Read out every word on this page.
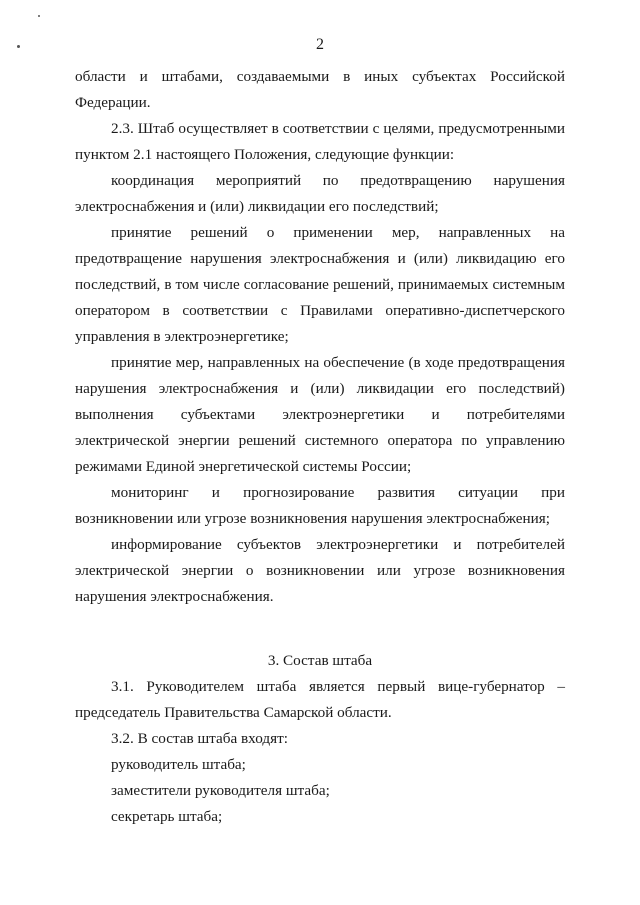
2

области и штабами, создаваемыми в иных субъектах Российской Федерации.

2.3. Штаб осуществляет в соответствии с целями, предусмотренными пунктом 2.1 настоящего Положения, следующие функции:

координация мероприятий по предотвращению нарушения электроснабжения и (или) ликвидации его последствий;

принятие решений о применении мер, направленных на предотвращение нарушения электроснабжения и (или) ликвидацию его последствий, в том числе согласование решений, принимаемых системным оператором в соответствии с Правилами оперативно-диспетчерского управления в электроэнергетике;

принятие мер, направленных на обеспечение (в ходе предотвращения нарушения электроснабжения и (или) ликвидации его последствий) выполнения субъектами электроэнергетики и потребителями электрической энергии решений системного оператора по управлению режимами Единой энергетической системы России;

мониторинг и прогнозирование развития ситуации при возникновении или угрозе возникновения нарушения электроснабжения;

информирование субъектов электроэнергетики и потребителей электрической энергии о возникновении или угрозе возникновения нарушения электроснабжения.

3. Состав штаба

3.1. Руководителем штаба является первый вице-губернатор – председатель Правительства Самарской области.

3.2. В состав штаба входят:

руководитель штаба;

заместители руководителя штаба;

секретарь штаба;
